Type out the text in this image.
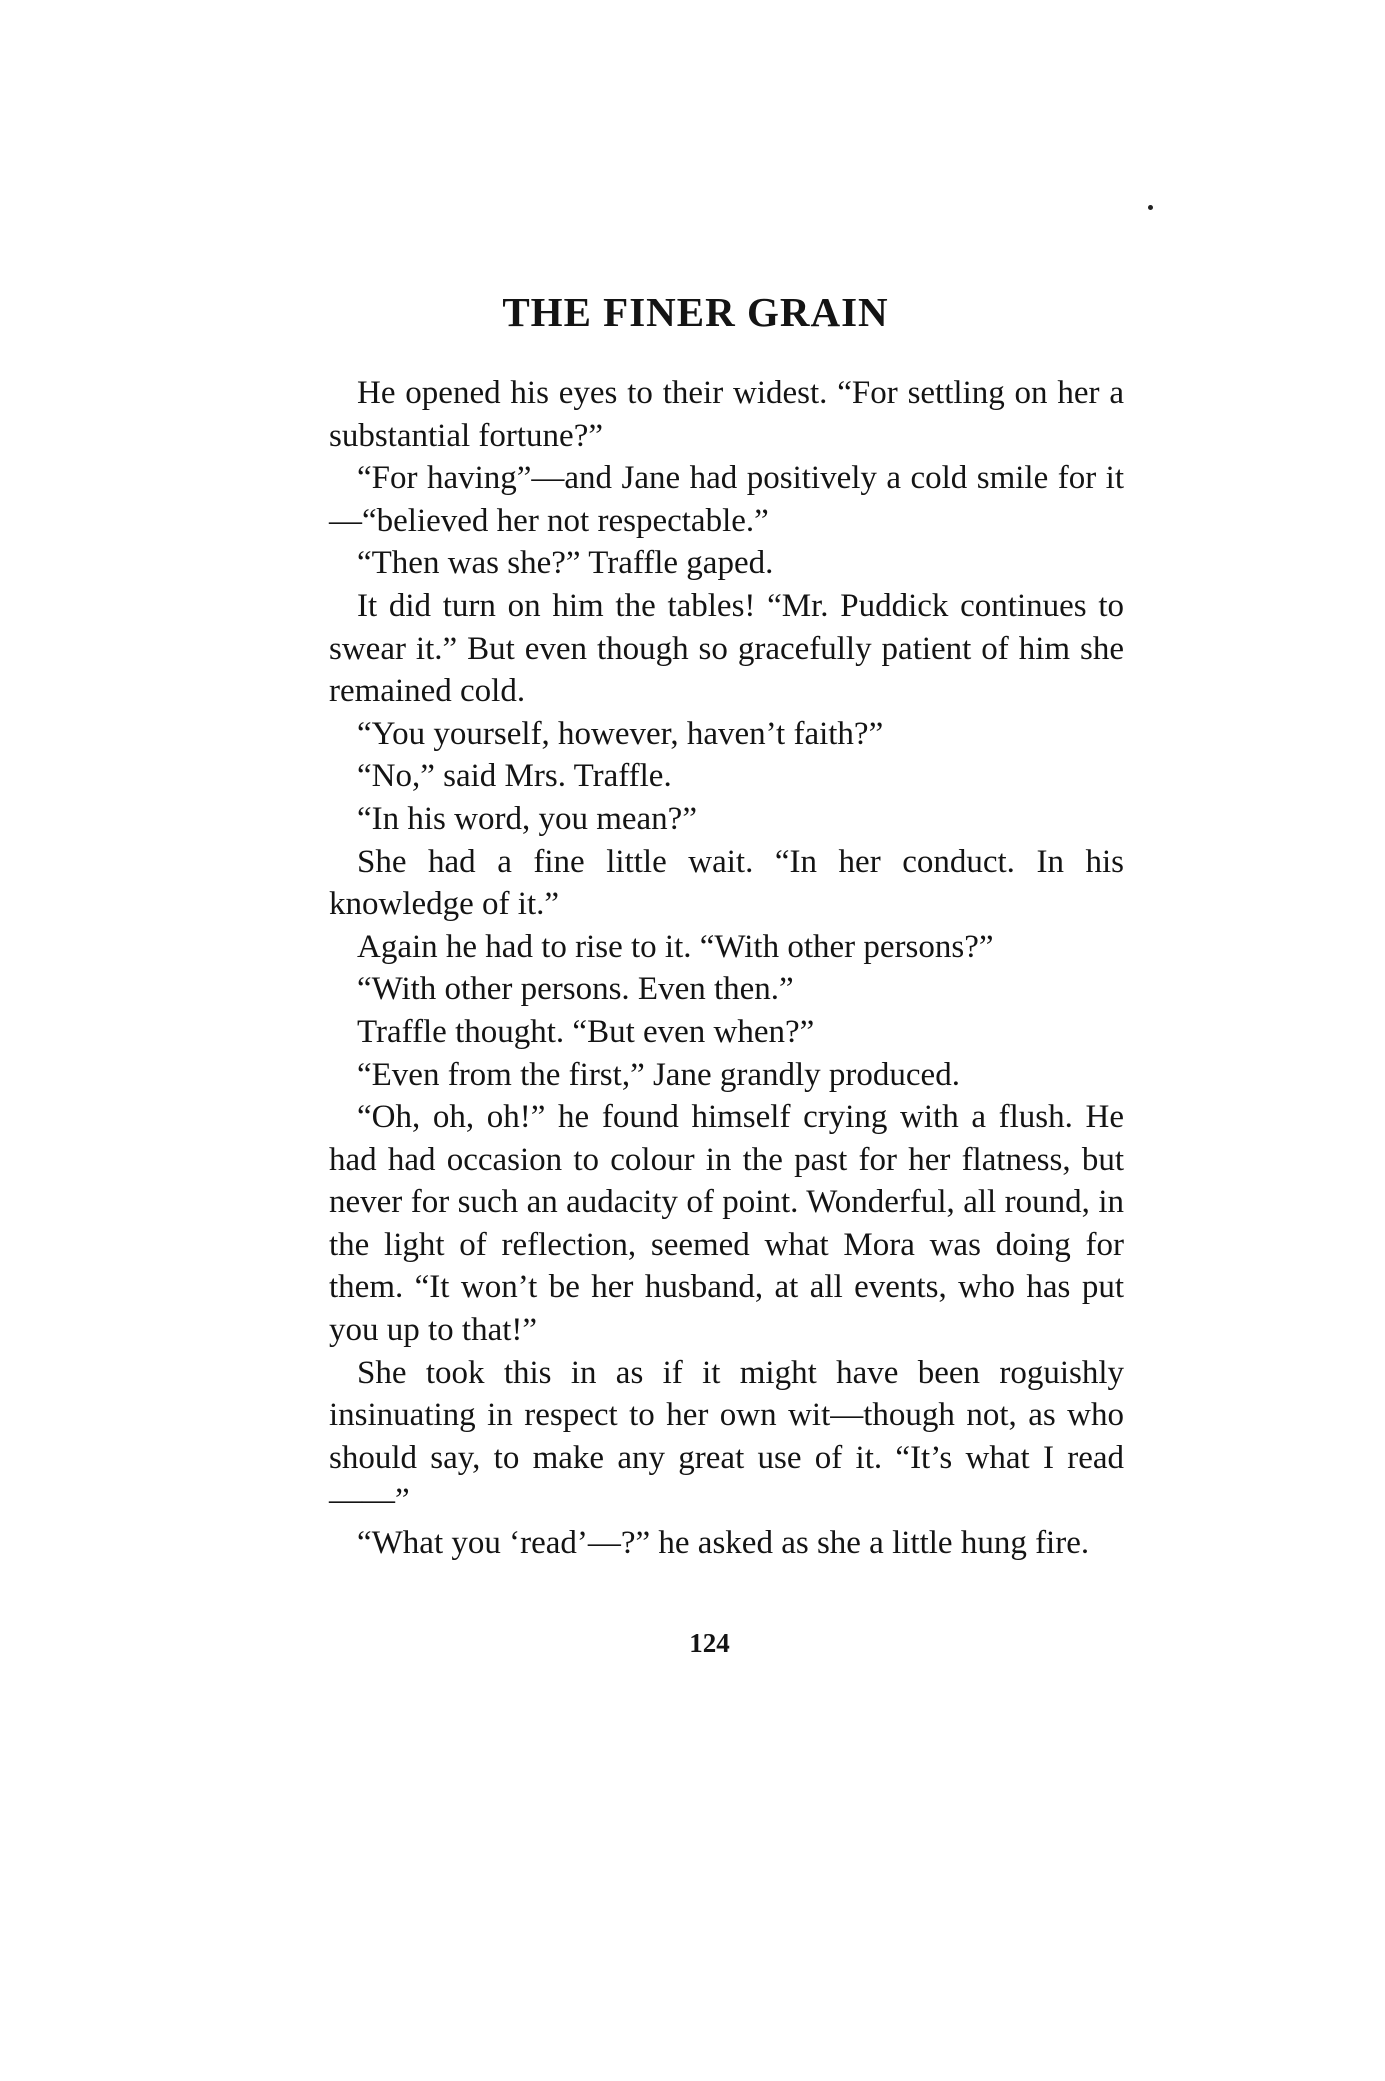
THE FINER GRAIN

He opened his eyes to their widest. “For settling on her a substantial fortune?”

“For having”—and Jane had positively a cold smile for it—“believed her not respectable.”

“Then was she?” Traffle gaped.

It did turn on him the tables! “Mr. Puddick continues to swear it.” But even though so gracefully patient of him she remained cold.

“You yourself, however, haven’t faith?”

“No,” said Mrs. Traffle.

“In his word, you mean?”

She had a fine little wait. “In her conduct. In his knowledge of it.”

Again he had to rise to it. “With other persons?”

“With other persons. Even then.”

Traffle thought. “But even when?”

“Even from the first,” Jane grandly produced.

“Oh, oh, oh!” he found himself crying with a flush. He had had occasion to colour in the past for her flatness, but never for such an audacity of point. Wonderful, all round, in the light of reflection, seemed what Mora was doing for them. “It won’t be her husband, at all events, who has put you up to that!”

She took this in as if it might have been roguishly insinuating in respect to her own wit—though not, as who should say, to make any great use of it. “It’s what I read——”

“What you ‘read’—?” he asked as she a little hung fire.

124
